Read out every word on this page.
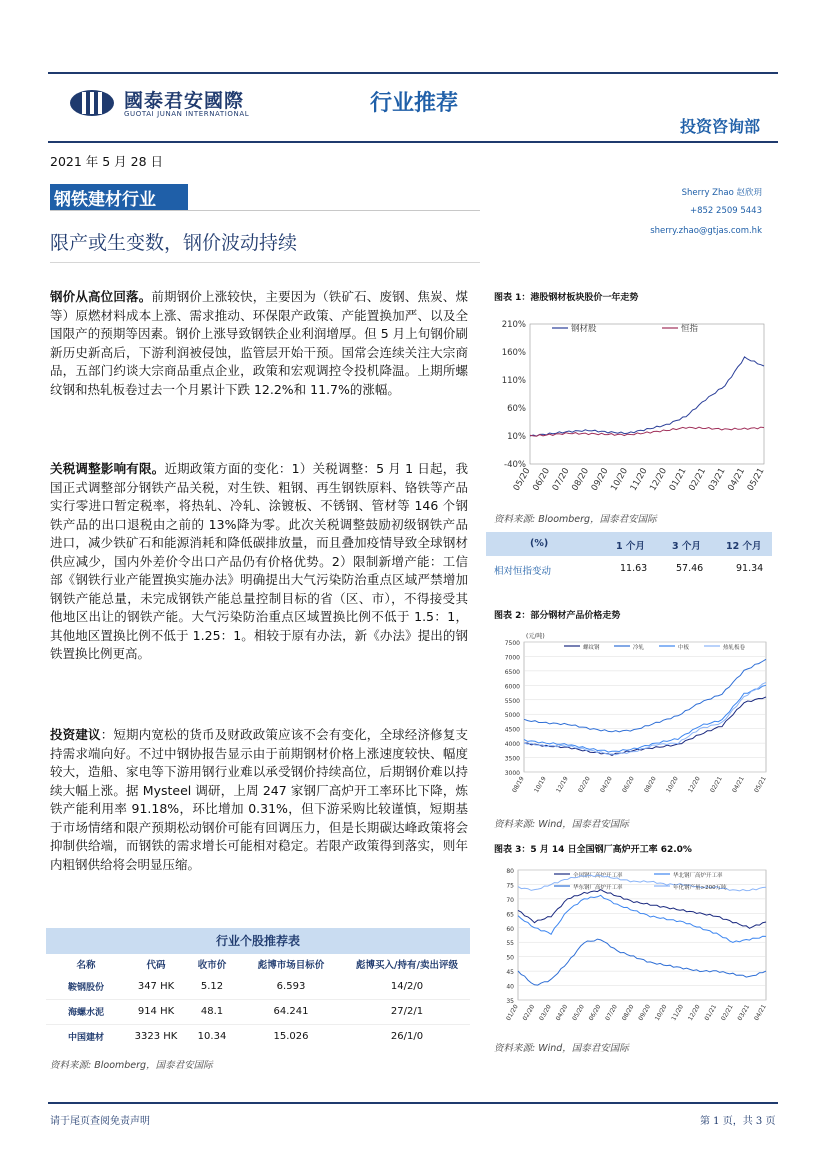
國泰君安國際
GUOTAI JUNAN INTERNATIONAL	行业推荐
投资咨询部
2021 年 5 月 28 日
钢铁建材行业
限产或生变数，钢价波动持续
Sherry Zhao 赵欣玥
+852 2509 5443
sherry.zhao@gtjas.com.hk
钢价从高位回落。前期钢价上涨较快，主要因为（铁矿石、废钢、焦炭、煤等）原燃材料成本上涨、需求推动、环保限产政策、产能置换加严、以及全国限产的预期等因素。钢价上涨导致钢铁企业利润增厚。但 5 月上旬钢价刷新历史新高后，下游利润被侵蚀，监管层开始干预。国常会连续关注大宗商品，五部门约谈大宗商品重点企业，政策和宏观调控令投机降温。上期所螺纹钢和热轧板卷过去一个月累计下跌 12.2%和 11.7%的涨幅。
关税调整影响有限。近期政策方面的变化：1）关税调整：5 月 1 日起，我国正式调整部分钢铁产品关税，对生铁、粗钢、再生钢铁原料、铬铁等产品实行零进口暂定税率，将热轧、冷轧、涂镀板、不锈钢、管材等 146 个钢铁产品的出口退税由之前的 13%降为零。此次关税调整鼓励初级钢铁产品进口，减少铁矿石和能源消耗和降低碳排放量，而且叠加疫情导致全球钢材供应减少，国内外差价令出口产品仍有价格优势。2）限制新增产能：工信部《钢铁行业产能置换实施办法》明确提出大气污染防治重点区域严禁增加钢铁产能总量，未完成钢铁产能总量控制目标的省（区、市），不得接受其他地区出让的钢铁产能。大气污染防治重点区域置换比例不低于 1.5：1，其他地区置换比例不低于 1.25：1。相较于原有办法，新《办法》提出的钢铁置换比例更高。
投资建议：短期内宽松的货币及财政政策应该不会有变化，全球经济修复支持需求端向好。不过中钢协报告显示由于前期钢材价格上涨速度较快、幅度较大，造船、家电等下游用钢行业难以承受钢价持续高位，后期钢价难以持续大幅上涨。据 Mysteel 调研，上周 247 家钢厂高炉开工率环比下降，炼铁产能利用率 91.18%，环比增加 0.31%，但下游采购比较谨慎，短期基于市场情绪和限产预期松动钢价可能有回调压力，但是长期碳达峰政策将会抑制供给端，而钢铁的需求增长可能相对稳定。若限产政策得到落实，则年内粗钢供给将会明显压缩。
行业个股推荐表
名称	代码	收市价	彪博市场目标价	彪博买入/持有/卖出评级
鞍钢股份	347 HK	5.12	6.593	14/2/0
海螺水泥	914 HK	48.1	64.241	27/2/1
中国建材	3323 HK	10.34	15.026	26/1/0
资料来源: Bloomberg，国泰君安国际
图表 1：港股钢材板块股价一年走势
210%
160%
110%
60%
10%
-40%
05/20
06/20
07/20
08/20
09/20
10/20
11/20
12/20
01/21
02/21
03/21
04/21
05/21
钢材股	恒指
资料来源: Bloomberg，国泰君安国际
(%)	1 个月	3 个月	12 个月
相对恒指变动	11.63	57.46	91.34
图表 2：部分钢材产品价格走势
7500
7000
6500
6000
5500
5000
4500
4000
3500
3000
(元/吨)
08/19 10/19 12/19 02/20 04/20 06/20 08/20 10/20 12/20 02/21 04/21 05/21
螺纹钢	冷轧	中板	热轧板卷
资料来源: Wind，国泰君安国际
图表 3：5 月 14 日全国钢厂高炉开工率 62.0%
80
75
70
65
60
55
50
45
40
35
01/20 02/20 03/20 04/20 05/20 06/20 07/20 08/20 09/20 10/20 11/20 12/20 01/21 02/21 03/21 04/21
全国钢厂高炉开工率	华北钢厂高炉开工率
年化钢产量>200万吨
华东钢厂高炉开工率
资料来源: Wind，国泰君安国际
请于尾页查阅免责声明	第 1 页，共 3 页
